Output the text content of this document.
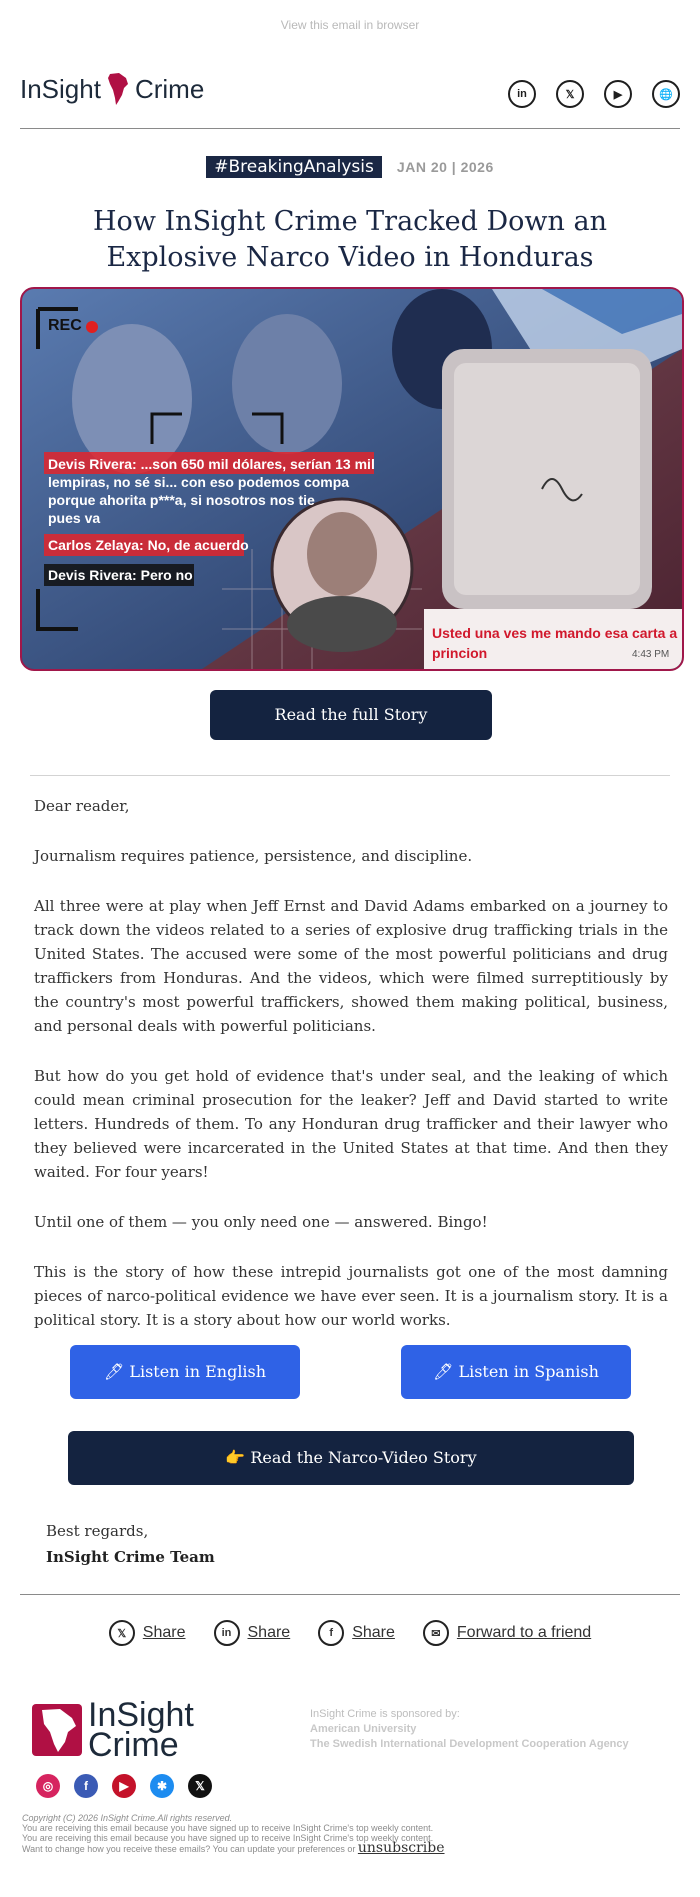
View this email in browser
InSight Crime	in	𝕏	▶	🌐
#BreakingAnalysis JAN 20 | 2026
How InSight Crime Tracked Down an Explosive Narco Video in Honduras
REC
Devis Rivera: ...son 650 mil dólares, serían 13 mil
lempiras, no sé si... con eso podemos compa
porque ahorita p***a, si nosotros nos tie
pues va
Carlos Zelaya: No, de acuerdo
Devis Rivera: Pero no
Usted una ves me mando esa carta a
princion	4:43 PM
Read the full Story

Dear reader,

Journalism requires patience, persistence, and discipline.

All three were at play when Jeff Ernst and David Adams embarked on a journey to track down the videos related to a series of explosive drug trafficking trials in the United States. The accused were some of the most powerful politicians and drug traffickers from Honduras. And the videos, which were filmed surreptitiously by the country's most powerful traffickers, showed them making political, business, and personal deals with powerful politicians.

But how do you get hold of evidence that's under seal, and the leaking of which could mean criminal prosecution for the leaker? Jeff and David started to write letters. Hundreds of them. To any Honduran drug trafficker and their lawyer who they believed were incarcerated in the United States at that time. And then they waited. For four years!

Until one of them — you only need one — answered. Bingo!

This is the story of how these intrepid journalists got one of the most damning pieces of narco-political evidence we have ever seen. It is a journalism story. It is a political story. It is a story about how our world works.

🖊 Listen in English	🖊 Listen in Spanish
👉 Read the Narco-Video Story
Best regards,
InSight Crime Team
𝕏	Share	in	Share	f	Share	✉	Forward to a friend
InSight
Crime
InSight Crime is sponsored by:
American University
The Swedish International Development Cooperation Agency
◎	f	▶	✱	𝕏
Copyright (C) 2026 InSight Crime.All rights reserved.
You are receiving this email because you have signed up to receive InSight Crime's top weekly content.
You are receiving this email because you have signed up to receive InSight Crime's top weekly content.
Want to change how you receive these emails? You can update your preferences or unsubscribe
